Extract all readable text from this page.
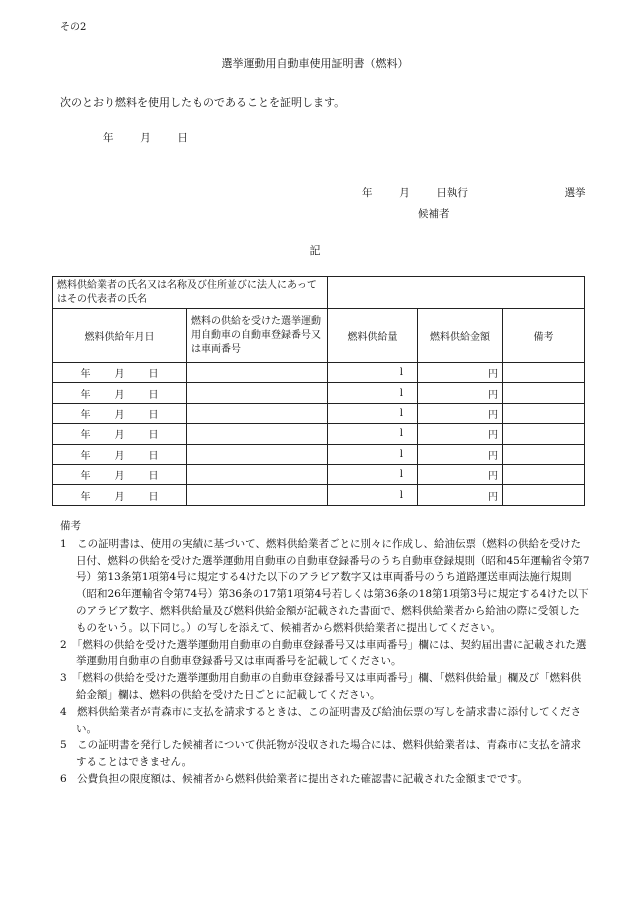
その2
選挙運動用自動車使用証明書（燃料）
次のとおり燃料を使用したものであることを証明します。
年	月	日
年	月	日執行	選挙
候補者
記
燃料供給業者の氏名又は名称及び住所並びに法人にあってはその代表者の氏名				
燃料供給年月日	燃料の供給を受けた選挙運動用自動車の自動車登録番号又は車両番号	燃料供給量	燃料供給金額	備考
年 月 日		l	円	
年 月 日		l	円	
年 月 日		l	円	
年 月 日		l	円	
年 月 日		l	円	
年 月 日		l	円	
年 月 日		l	円	

備考

1　この証明書は、使用の実績に基づいて、燃料供給業者ごとに別々に作成し、給油伝票（燃料の供給を受けた日付、燃料の供給を受けた選挙運動用自動車の自動車登録番号のうち自動車登録規則（昭和45年運輸省令第7号）第13条第1項第4号に規定する4けた以下のアラビア数字又は車両番号のうち道路運送車両法施行規則（昭和26年運輸省令第74号）第36条の17第1項第4号若しくは第36条の18第1項第3号に規定する4けた以下のアラビア数字、燃料供給量及び燃料供給金額が記載された書面で、燃料供給業者から給油の際に受領したものをいう。以下同じ。）の写しを添えて、候補者から燃料供給業者に提出してください。

2　「燃料の供給を受けた選挙運動用自動車の自動車登録番号又は車両番号」欄には、契約届出書に記載された選挙運動用自動車の自動車登録番号又は車両番号を記載してください。

3　「燃料の供給を受けた選挙運動用自動車の自動車登録番号又は車両番号」欄、「燃料供給量」欄及び「燃料供給金額」欄は、燃料の供給を受けた日ごとに記載してください。

4　燃料供給業者が青森市に支払を請求するときは、この証明書及び給油伝票の写しを請求書に添付してください。

5　この証明書を発行した候補者について供託物が没収された場合には、燃料供給業者は、青森市に支払を請求することはできません。

6　公費負担の限度額は、候補者から燃料供給業者に提出された確認書に記載された金額までです。
